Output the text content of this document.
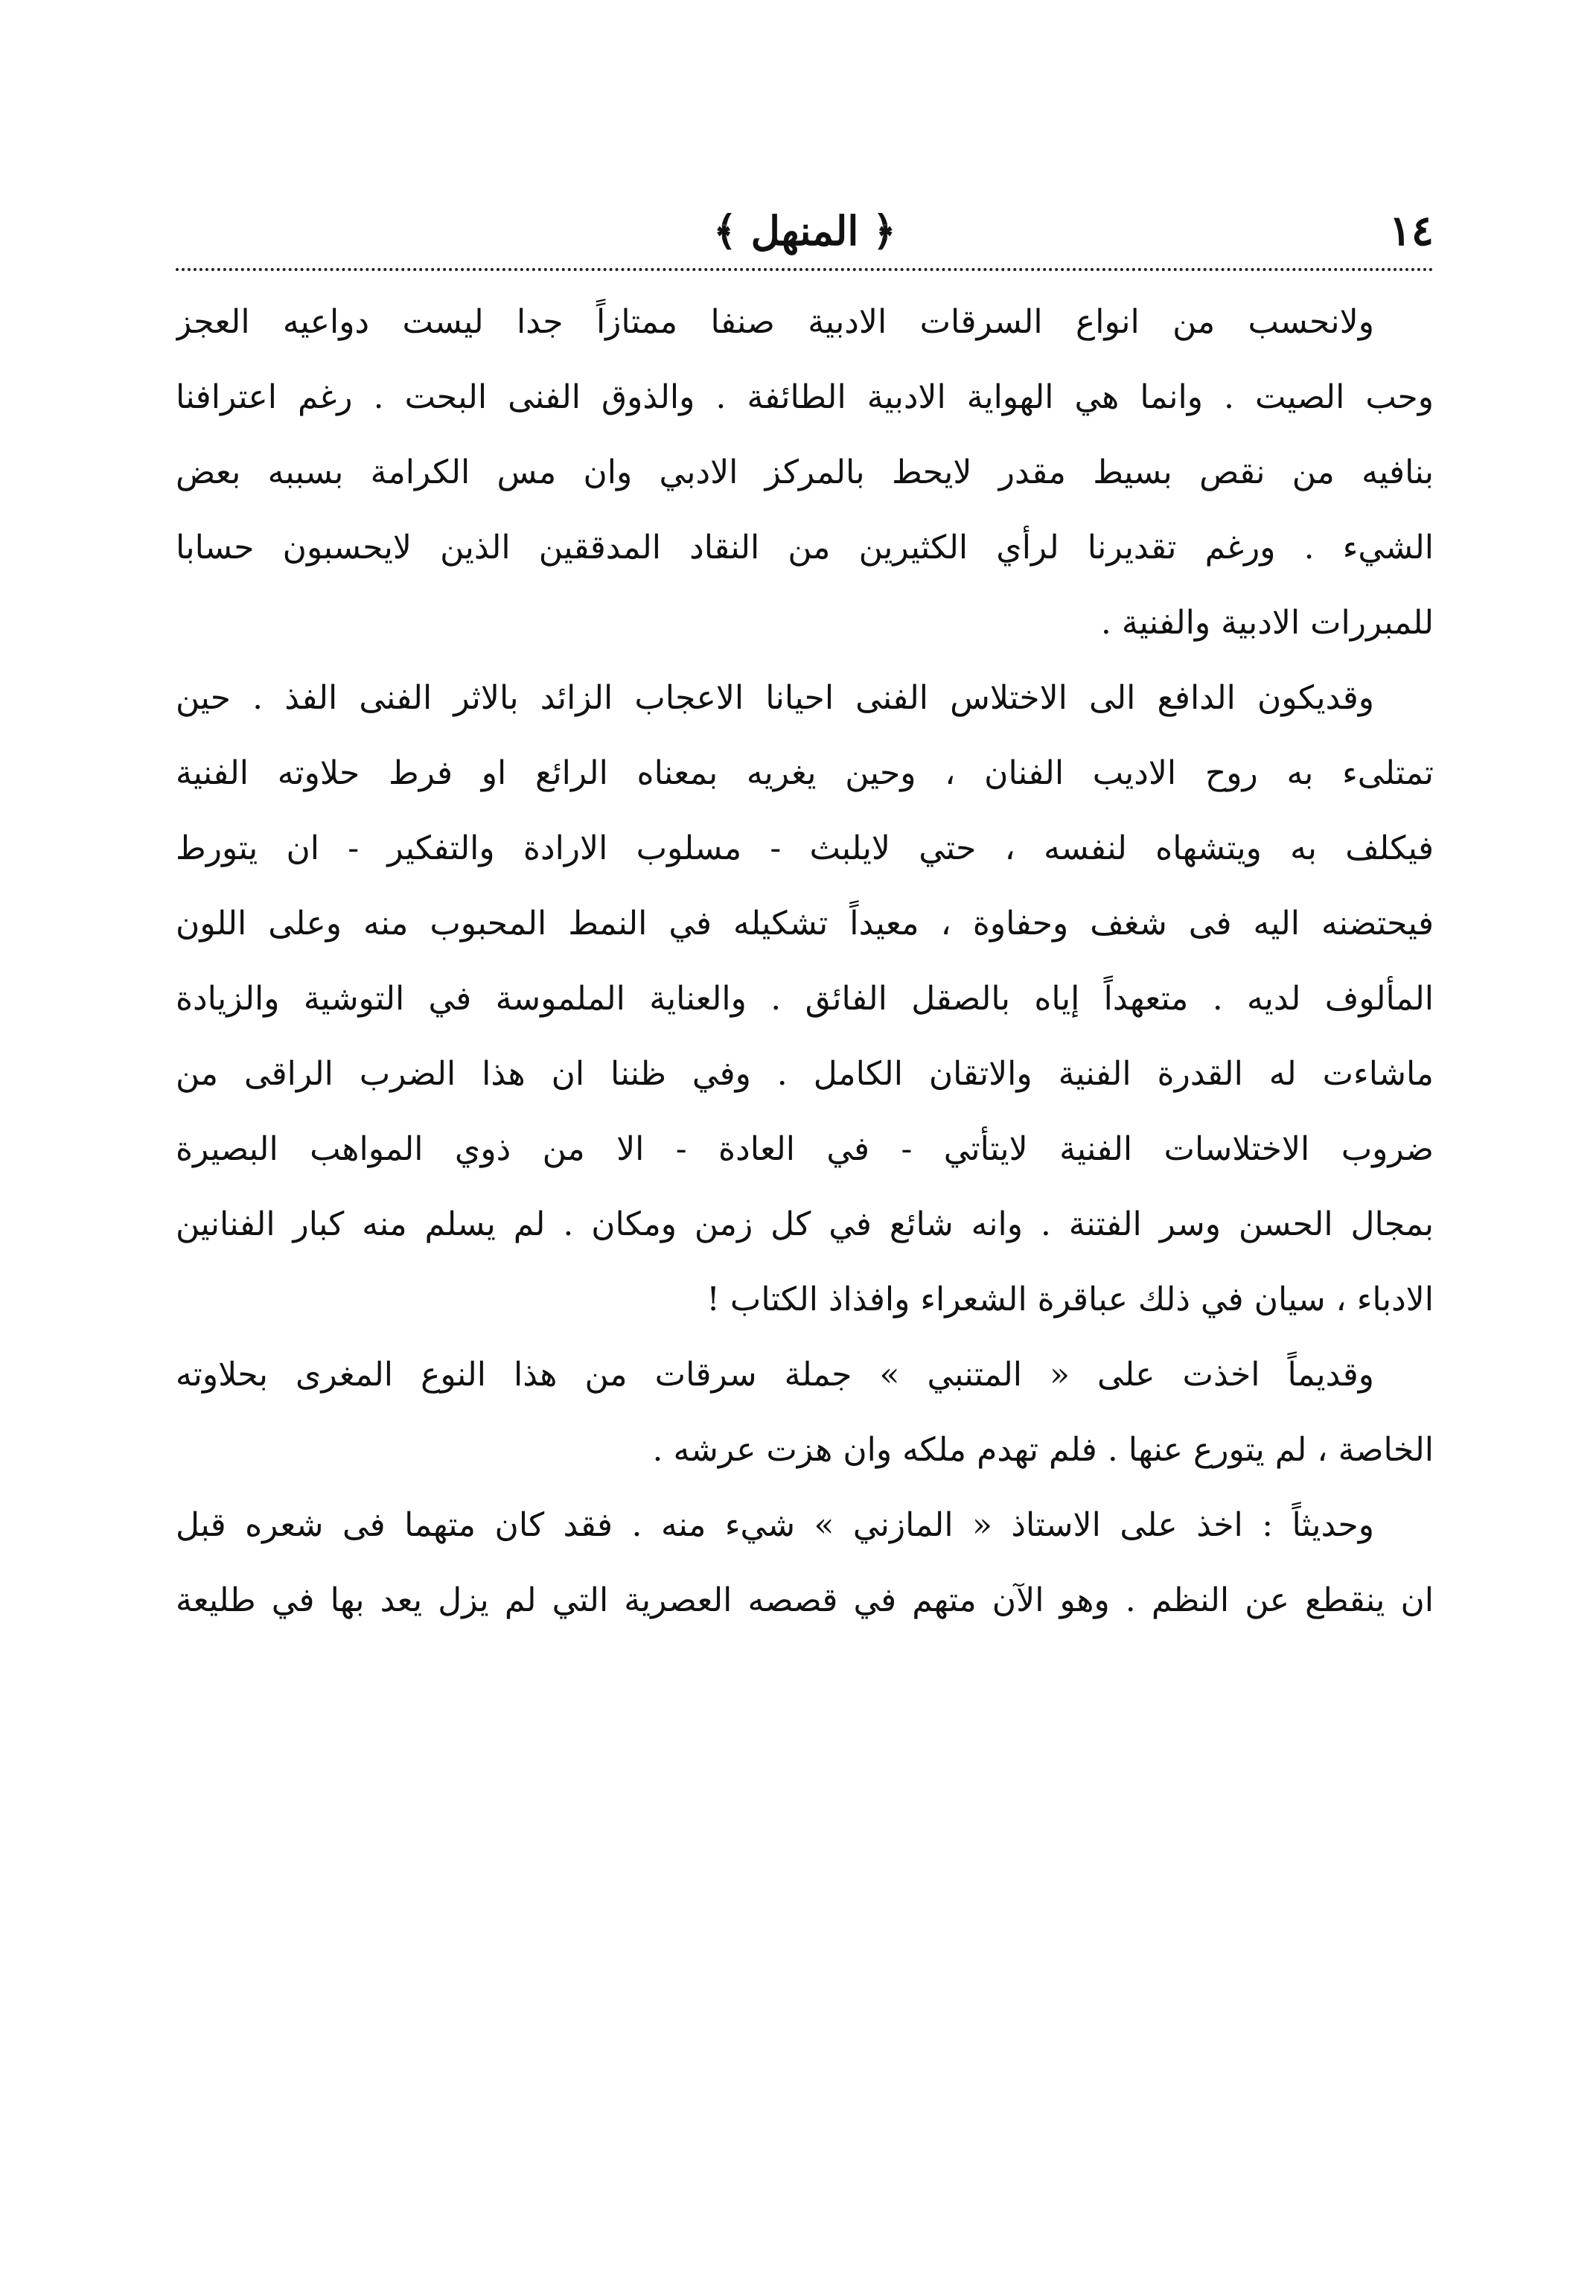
١٤
﴿ المنهل ﴾

ولانحسب من انواع السرقات الادبية صنفا ممتازاً جدا ليست دواعيه العجز
وحب الصيت . وانما هي الهواية الادبية الطائفة . والذوق الفنى البحت . رغم اعترافنا
بنافيه من نقص بسيط مقدر لايحط بالمركز الادبي وان مس الكرامة بسببه بعض
الشيء . ورغم تقديرنا لرأي الكثيرين من النقاد المدققين الذين لايحسبون حسابا
للمبررات الادبية والفنية .

وقديكون الدافع الى الاختلاس الفنى احيانا الاعجاب الزائد بالاثر الفنى الفذ . حين
تمتلىء به روح الاديب الفنان ، وحين يغريه بمعناه الرائع او فرط حلاوته الفنية
فيكلف به ويتشهاه لنفسه ، حتي لايلبث - مسلوب الارادة والتفكير - ان يتورط
فيحتضنه اليه فى شغف وحفاوة ، معيداً تشكيله في النمط المحبوب منه وعلى اللون
المألوف لديه . متعهداً إياه بالصقل الفائق . والعناية الملموسة في التوشية والزيادة
ماشاءت له القدرة الفنية والاتقان الكامل . وفي ظننا ان هذا الضرب الراقى من
ضروب الاختلاسات الفنية لايتأتي - في العادة - الا من ذوي المواهب البصيرة
بمجال الحسن وسر الفتنة . وانه شائع في كل زمن ومكان . لم يسلم منه كبار الفنانين
الادباء ، سيان في ذلك عباقرة الشعراء وافذاذ الكتاب !

وقديماً اخذت على « المتنبي » جملة سرقات من هذا النوع المغرى بحلاوته
الخاصة ، لم يتورع عنها . فلم تهدم ملكه وان هزت عرشه .

وحديثاً : اخذ على الاستاذ « المازني » شيء منه . فقد كان متهما فى شعره قبل
ان ينقطع عن النظم . وهو الآن متهم في قصصه العصرية التي لم يزل يعد بها في طليعة
